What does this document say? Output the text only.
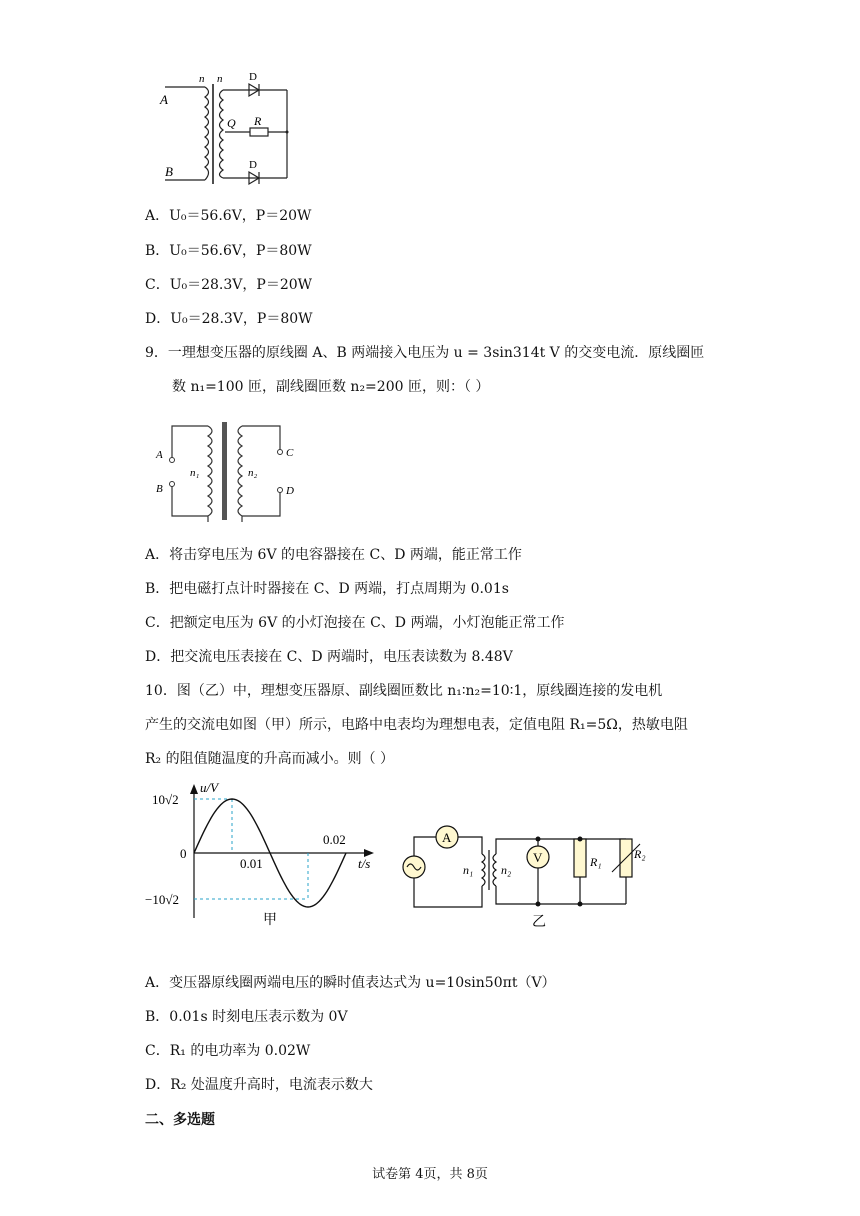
A
B
n n D
D
Q R
A．U₀＝56.6V，P＝20W
B．U₀＝56.6V，P＝80W
C．U₀＝28.3V，P＝20W
D．U₀＝28.3V，P＝80W
9．一理想变压器的原线圈 A、B 两端接入电压为 u = 3sin314t V 的交变电流．原线圈匝
数 n₁=100 匝，副线圈匝数 n₂=200 匝，则：（ ）
A
B
C
D
n₁	n₂
A．将击穿电压为 6V 的电容器接在 C、D 两端，能正常工作
B．把电磁打点计时器接在 C、D 两端，打点周期为 0.01s
C．把额定电压为 6V 的小灯泡接在 C、D 两端，小灯泡能正常工作
D．把交流电压表接在 C、D 两端时，电压表读数为 8.48V
10．图（乙）中，理想变压器原、副线圈匝数比 n₁∶n₂=10∶1，原线圈连接的发电机
产生的交流电如图（甲）所示，电路中电表均为理想电表，定值电阻 R₁=5Ω，热敏电阻
R₂ 的阻值随温度的升高而减小。则（ ）
u/V
t/s
10√2
0
−10√2
0.01
0.02
甲
A
V
n₁ n₂
R₁
R₂
乙
A．变压器原线圈两端电压的瞬时值表达式为 u=10sin50πt（V）
B．0.01s 时刻电压表示数为 0V
C．R₁ 的电功率为 0.02W
D．R₂ 处温度升高时，电流表示数大
二、多选题
试卷第 4页，共 8页
